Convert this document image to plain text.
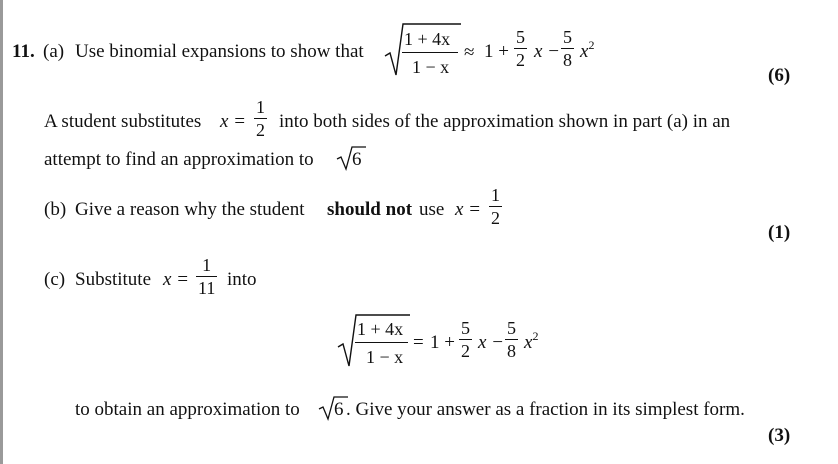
11. (a) Use binomial expansions to show that
1 + 4x
1 − x
≈ $1 + \frac{5}{2}$ $x - \frac{5}{8} x^2$
(6)
A student substitutes $x = \frac{1}{2}$ into both sides of the approximation shown in part (a) in an
attempt to find an approximation to 6
(b) Give a reason why the student should not use $x = \frac{1}{2}$
(1)
(c) Substitute $x = \frac{1}{11}$ into
1 + 4x
1 − x
= $1 + \frac{5}{2}$ $x - \frac{5}{8} x^2$
to obtain an approximation to 6 . Give your answer as a fraction in its simplest form.
(3)
